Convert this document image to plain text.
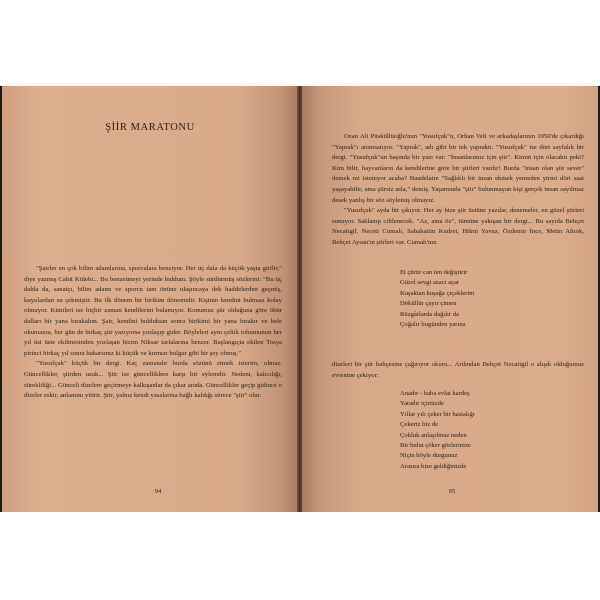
ŞİİR MARATONU

"Şairler en çok bilim adamlarına, sporculara benziyor. Her üç dala da küçük yaşta girilir," diye yazmış Cahit Külebi... Bu benzetmeyi yerinde buldum. Şöyle sürdürmüş sözlerini: "Bu üç dalda da, sanatçı, bilim adamı ve sporcu tam önüne ulaşıncaya dek haddelerden geçmiş, kuyulardan su çekmiştir. Bu ilk dönem bir birikim dönemidir. Kişinin kendini bulması kolay olmuyor. Kimileri ise hiçbir zaman kendilerini bulamıyor. Konumuz şiir olduğuna göre öbür dalları bir yana bırakalım. Şair, kendini bulduktan sonra birikimi bir yana bırakır ve hele okumazsa, her gün de birkaç şiir yazıyorsa yozlaşıp gider. Böyleleri aynı çeltik tohumunun her yıl üst üste ekilmesinden yozlaşan bizim Niksar tarlalarına benzer. Başlangıçta ekilen Tosya pirinci birkaç yıl sonra bakarsınız ki küçük ve kırmızı bulgur gibi bir şey olmuş."

"Yusufçuk" küçük bir dergi. Kaç zamandır burda sözünü etmek isterim, olmaz. Güncellikler, şiirden uzak... Şiir ise güncelliklere karşı bir eylemdir. Nedeni, kalıcılığı, sürekliliği... Günceli dizelere geçirmeye kalkışanlar da çıkar arada. Güncellikler geçip gidince o dizeler eskir, anlamını yitirir. Şiir, yalnız kendi yasalarına bağlı kaldığı sürece "şiir" olur.

94

Ozan Ali Püsküllüoğlu'nun "Yusufçuk"u, Orhan Veli ve arkadaşlarının 1950'de çıkardığı "Yaprak"ı anımsatıyor. "Yaprak", adı gibi bir tek yapraktı. "Yusufçuk" ise dört sayfalık bir dergi. "Yusufçuk"un başında bir yazı var: "İnsanlarımız için şiir". Kimin için olacaktı peki? Kim bilir, hayvanların da kendilerine göre bir şiirleri vardır! Burda "insan olan şiir sever" demek mi istenıyor acaba? Baudelaire "Sağlıklı bir insan ekmek yemeden yirmi dört saat yaşayabilir, ama şiirsiz asla," demiş. Yaşamında "şiir" bulunmayan kişi gerçek insan sayılmaz desek yanlış bir söz söylemiş olmayız.

"Yusufçuk" ayda bir çıkıyor. Her ay bize şiir üstüne yazılar, denemeler, en güzel şiirleri sunuyor. Saklanıp ciltlenecek. "Az, ama öz", tümüne yakışan bir dergi... Bu sayıda Behçet Necatigil, Neceti Cumalı, Sabahattin Kudret, Hilmi Yavuz, Özdemir İnce, Metin Altıok, Behçet Aysan'ın şiirleri var. Cumalı'nın

Et çürür can ten değiştirir
Güzel sevgi azacı açar
Kuşaktan kuşağa çiçeklerini
Döküllür çayır çimen
Rüzgârlarda dağılır da
Çoğalır bugünden yarına

dizeleri bir şiir bahçesine çağırıyor okuru... Ardından Behçet Necatigil o alışık olduğumuz evrenine çekiyor:

Anadır - baba evlat kardeş
Yaradır içimizde
Yıllar yılı çeker bir hastalığı
Çekeriz biz de
Çokluk anlaşılmaz neden
Bir bulut çöker gözlerinize
Niçin böyle durgunuz
Arasıra bize geldiğinizde
95
